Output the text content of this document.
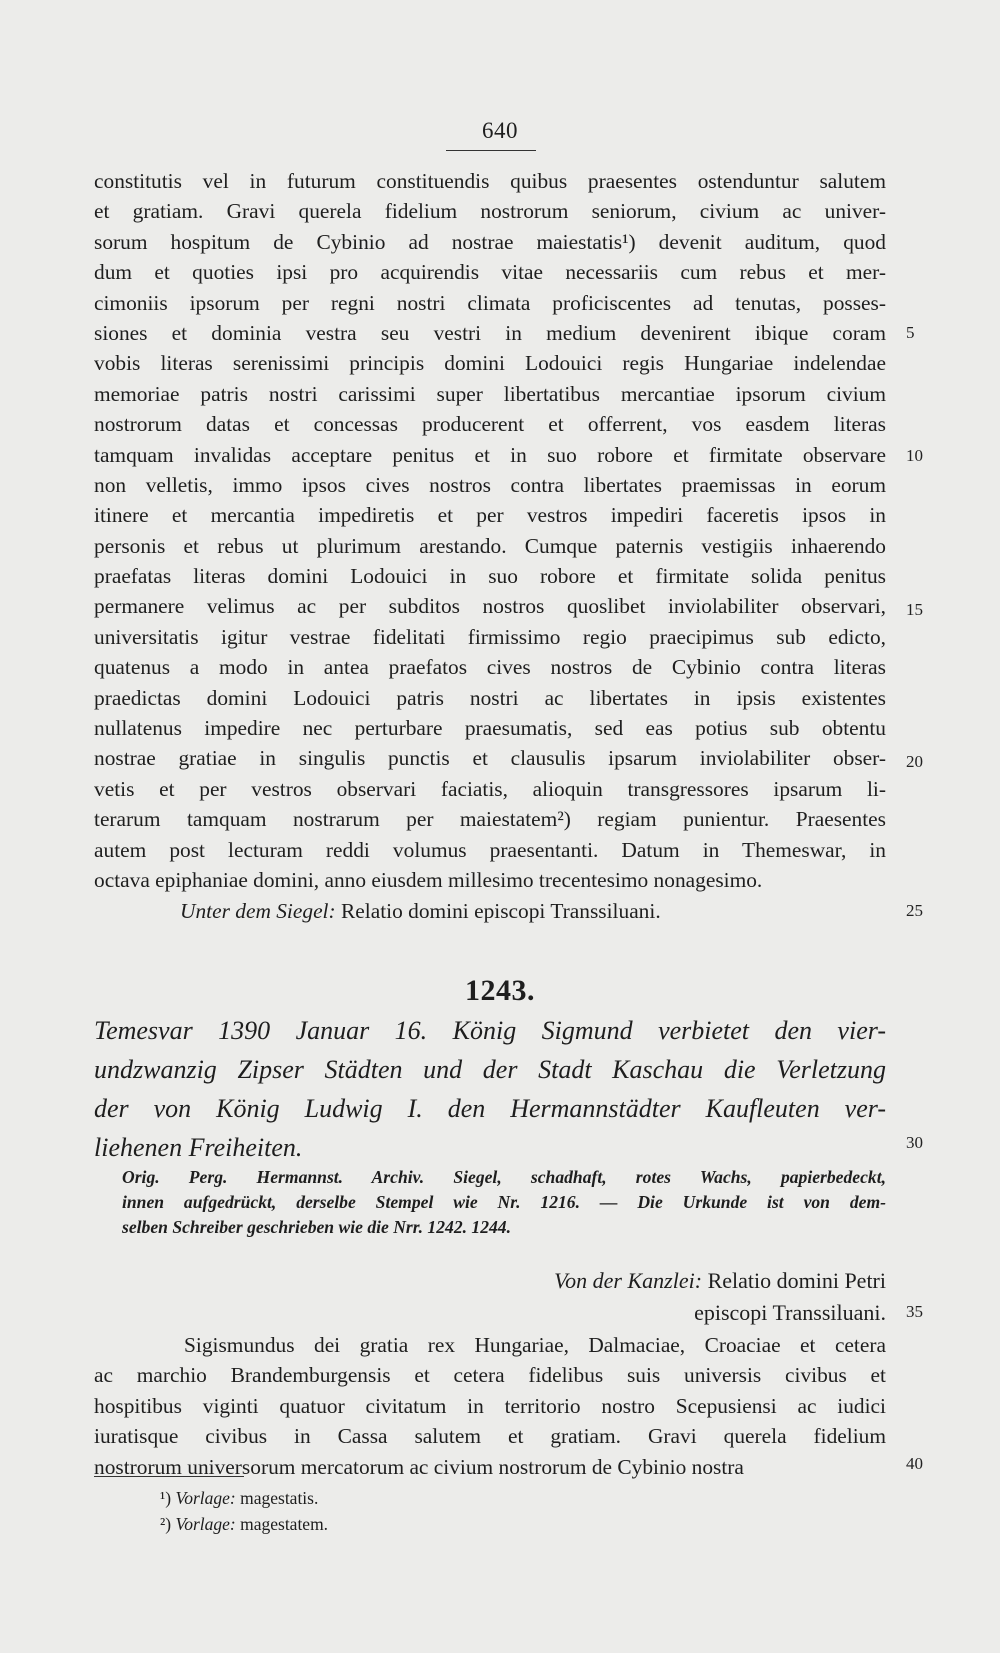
640
constitutis vel in futurum constituendis quibus praesentes ostenduntur salutem
et gratiam. Gravi querela fidelium nostrorum seniorum, civium ac univer-
sorum hospitum de Cybinio ad nostrae maiestatis¹) devenit auditum, quod
dum et quoties ipsi pro acquirendis vitae necessariis cum rebus et mer-
cimoniis ipsorum per regni nostri climata proficiscentes ad tenutas, posses-
siones et dominia vestra seu vestri in medium devenirent ibique coram
vobis literas serenissimi principis domini Lodouici regis Hungariae indelendae
memoriae patris nostri carissimi super libertatibus mercantiae ipsorum civium
nostrorum datas et concessas producerent et offerrent, vos easdem literas
tamquam invalidas acceptare penitus et in suo robore et firmitate observare
non velletis, immo ipsos cives nostros contra libertates praemissas in eorum
itinere et mercantia impediretis et per vestros impediri faceretis ipsos in
personis et rebus ut plurimum arestando. Cumque paternis vestigiis inhaerendo
praefatas literas domini Lodouici in suo robore et firmitate solida penitus
permanere velimus ac per subditos nostros quoslibet inviolabiliter observari,
universitatis igitur vestrae fidelitati firmissimo regio praecipimus sub edicto,
quatenus a modo in antea praefatos cives nostros de Cybinio contra literas
praedictas domini Lodouici patris nostri ac libertates in ipsis existentes
nullatenus impedire nec perturbare praesumatis, sed eas potius sub obtentu
nostrae gratiae in singulis punctis et clausulis ipsarum inviolabiliter obser-
vetis et per vestros observari faciatis, alioquin transgressores ipsarum li-
terarum tamquam nostrarum per maiestatem²) regiam punientur. Praesentes
autem post lecturam reddi volumus praesentanti. Datum in Themeswar, in
octava epiphaniae domini, anno eiusdem millesimo trecentesimo nonagesimo.
Unter dem Siegel: Relatio domini episcopi Transsiluani.
1243.
Temesvar 1390 Januar 16. König Sigmund verbietet den vier-
undzwanzig Zipser Städten und der Stadt Kaschau die Verletzung
der von König Ludwig I. den Hermannstädter Kaufleuten ver-
liehenen Freiheiten.
Orig. Perg. Hermannst. Archiv. Siegel, schadhaft, rotes Wachs, papierbedeckt,
innen aufgedrückt, derselbe Stempel wie Nr. 1216. — Die Urkunde ist von dem-
selben Schreiber geschrieben wie die Nrr. 1242. 1244.
Von der Kanzlei: Relatio domini Petri
episcopi Transsiluani.
Sigismundus dei gratia rex Hungariae, Dalmaciae, Croaciae et cetera
ac marchio Brandemburgensis et cetera fidelibus suis universis civibus et
hospitibus viginti quatuor civitatum in territorio nostro Scepusiensi ac iudici
iuratisque civibus in Cassa salutem et gratiam. Gravi querela fidelium
nostrorum universorum mercatorum ac civium nostrorum de Cybinio nostra
5
10
15
20
25
30
35
40
¹) Vorlage: magestatis.
²) Vorlage: magestatem.
